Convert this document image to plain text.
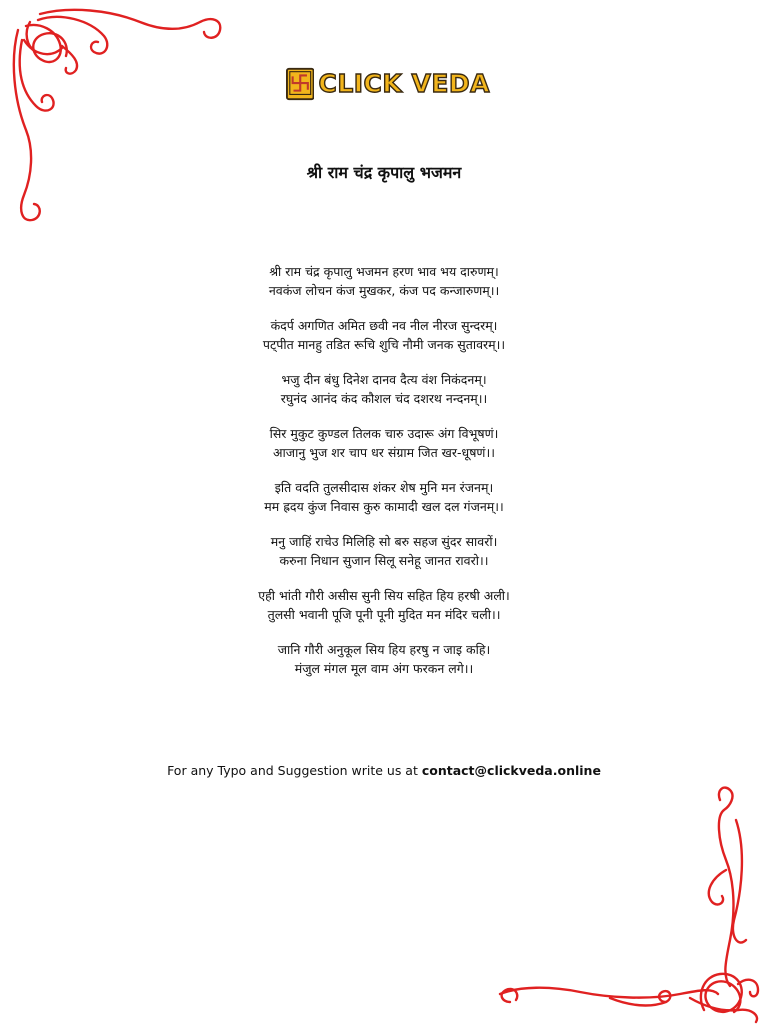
CLICK VEDA
श्री राम चंद्र कृपालु भजमन
श्री राम चंद्र कृपालु भजमन हरण भाव भय दारुणम्।
नवकंज लोचन कंज मुखकर, कंज पद कन्जारुणम्।।
कंदर्प अगणित अमित छवी नव नील नीरज सुन्दरम्।
पट्पीत मानहु तडित रूचि शुचि नौमी जनक सुतावरम्।।
भजु दीन बंधु दिनेश दानव दैत्य वंश निकंदनम्।
रघुनंद आनंद कंद कौशल चंद दशरथ नन्दनम्।।
सिर मुकुट कुण्डल तिलक चारु उदारू अंग विभूषणं।
आजानु भुज शर चाप धर संग्राम जित खर-धूषणं।।
इति वदति तुलसीदास शंकर शेष मुनि मन रंजनम्।
मम ह्रदय कुंज निवास कुरु कामादी खल दल गंजनम्।।
मनु जाहिं राचेउ मिलिहि सो बरु सहज सुंदर सावरों।
करुना निधान सुजान सिलू सनेहू जानत रावरो।।
एही भांती गौरी असीस सुनी सिय सहित हिय हरषी अली।
तुलसी भवानी पूजि पूनी पूनी मुदित मन मंदिर चली।।
जानि गौरी अनुकूल सिय हिय हरषु न जाइ कहि।
मंजुल मंगल मूल वाम अंग फरकन लगे।।
For any Typo and Suggestion write us at contact@clickveda.online
